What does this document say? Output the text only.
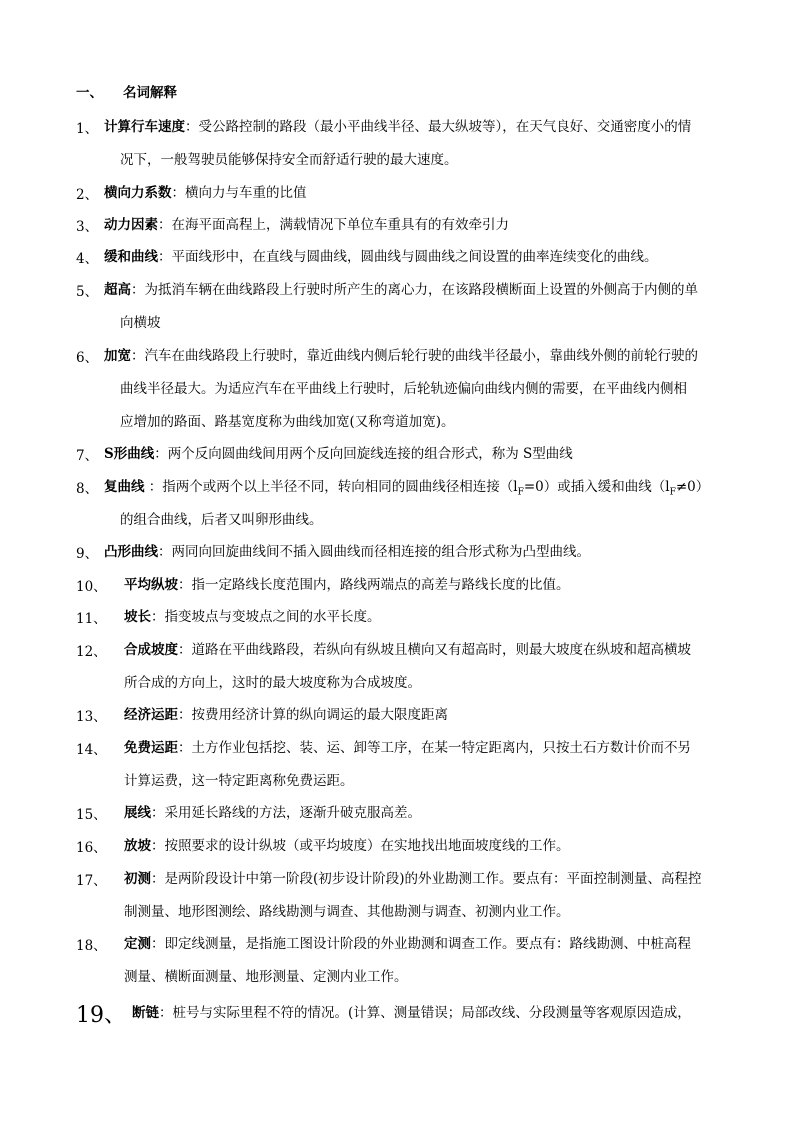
一、 名词解释
1、 计算行车速度：受公路控制的路段（最小平曲线半径、最大纵坡等），在天气良好、交通密度小的情
况下，一般驾驶员能够保持安全而舒适行驶的最大速度。
2、 横向力系数：横向力与车重的比值
3、 动力因素：在海平面高程上，满载情况下单位车重具有的有效牵引力
4、 缓和曲线：平面线形中，在直线与圆曲线，圆曲线与圆曲线之间设置的曲率连续变化的曲线。
5、 超高：为抵消车辆在曲线路段上行驶时所产生的离心力，在该路段横断面上设置的外侧高于内侧的单
向横坡
6、 加宽：汽车在曲线路段上行驶时，靠近曲线内侧后轮行驶的曲线半径最小，靠曲线外侧的前轮行驶的
曲线半径最大。为适应汽车在平曲线上行驶时，后轮轨迹偏向曲线内侧的需要，在平曲线内侧相
应增加的路面、路基宽度称为曲线加宽(又称弯道加宽)。
7、 S形曲线：两个反向圆曲线间用两个反向回旋线连接的组合形式，称为 S型曲线
8、 复曲线 ：指两个或两个以上半径不同，转向相同的圆曲线径相连接$(l_F=0)$或插入缓和曲线$(l_F\ne 0)$
的组合曲线，后者又叫卵形曲线。
9、 凸形曲线：两同向回旋曲线间不插入圆曲线而径相连接的组合形式称为凸型曲线。
10、 平均纵坡：指一定路线长度范围内，路线两端点的高差与路线长度的比值。
11、 坡长：指变坡点与变坡点之间的水平长度。
12、 合成坡度：道路在平曲线路段，若纵向有纵坡且横向又有超高时，则最大坡度在纵坡和超高横坡
所合成的方向上，这时的最大坡度称为合成坡度。
13、 经济运距：按费用经济计算的纵向调运的最大限度距离
14、 免费运距：土方作业包括挖、装、运、卸等工序，在某一特定距离内，只按土石方数计价而不另
计算运费，这一特定距离称免费运距。
15、 展线：采用延长路线的方法，逐渐升破克服高差。
16、 放坡：按照要求的设计纵坡（或平均坡度）在实地找出地面坡度线的工作。
17、 初测：是两阶段设计中第一阶段(初步设计阶段)的外业勘测工作。要点有：平面控制测量、高程控
制测量、地形图测绘、路线勘测与调查、其他勘测与调查、初测内业工作。
18、 定测：即定线测量，是指施工图设计阶段的外业勘测和调查工作。要点有：路线勘测、中桩高程
测量、横断面测量、地形测量、定测内业工作。
19、 断链：桩号与实际里程不符的情况。(计算、测量错误；局部改线、分段测量等客观原因造成，
